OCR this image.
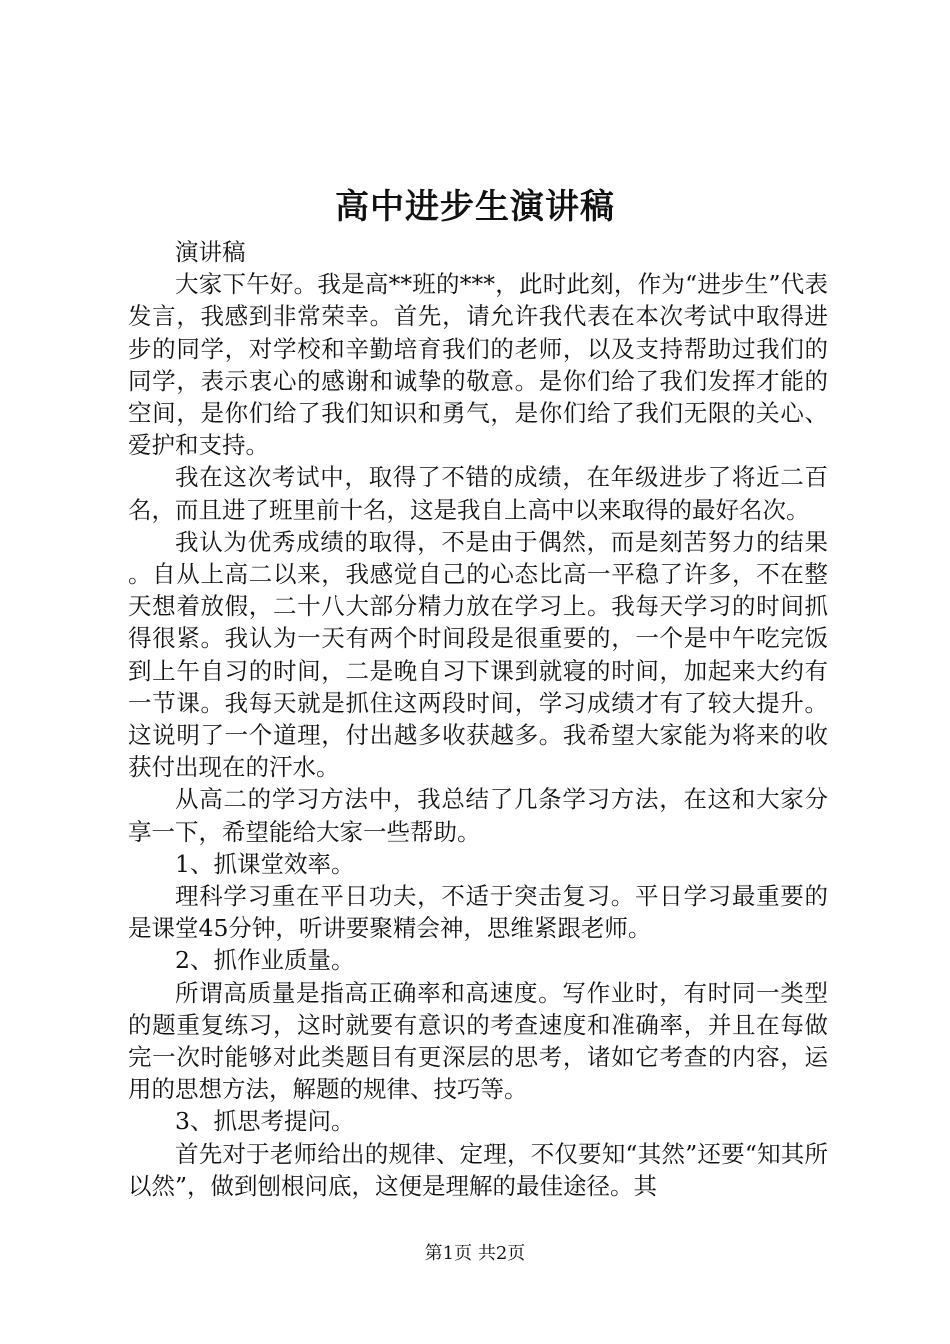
高中进步生演讲稿

演讲稿

大家下午好。我是高**班的***，此时此刻，作为“进步生”代表发言，我感到非常荣幸。首先，请允许我代表在本次考试中取得进步的同学，对学校和辛勤培育我们的老师，以及支持帮助过我们的同学，表示衷心的感谢和诚挚的敬意。是你们给了我们发挥才能的空间，是你们给了我们知识和勇气，是你们给了我们无限的关心、爱护和支持。

我在这次考试中，取得了不错的成绩，在年级进步了将近二百名，而且进了班里前十名，这是我自上高中以来取得的最好名次。

我认为优秀成绩的取得，不是由于偶然，而是刻苦努力的结果。自从上高二以来，我感觉自己的心态比高一平稳了许多，不在整天想着放假，二十八大部分精力放在学习上。我每天学习的时间抓得很紧。我认为一天有两个时间段是很重要的，一个是中午吃完饭到上午自习的时间，二是晚自习下课到就寝的时间，加起来大约有一节课。我每天就是抓住这两段时间，学习成绩才有了较大提升。这说明了一个道理，付出越多收获越多。我希望大家能为将来的收获付出现在的汗水。

从高二的学习方法中，我总结了几条学习方法，在这和大家分享一下，希望能给大家一些帮助。

1、抓课堂效率。

理科学习重在平日功夫，不适于突击复习。平日学习最重要的是课堂45分钟，听讲要聚精会神，思维紧跟老师。

2、抓作业质量。

所谓高质量是指高正确率和高速度。写作业时，有时同一类型的题重复练习，这时就要有意识的考查速度和准确率，并且在每做完一次时能够对此类题目有更深层的思考，诸如它考查的内容，运用的思想方法，解题的规律、技巧等。

3、抓思考提问。

首先对于老师给出的规律、定理，不仅要知“其然”还要“知其所以然”，做到刨根问底，这便是理解的最佳途径。其

第1页 共2页
